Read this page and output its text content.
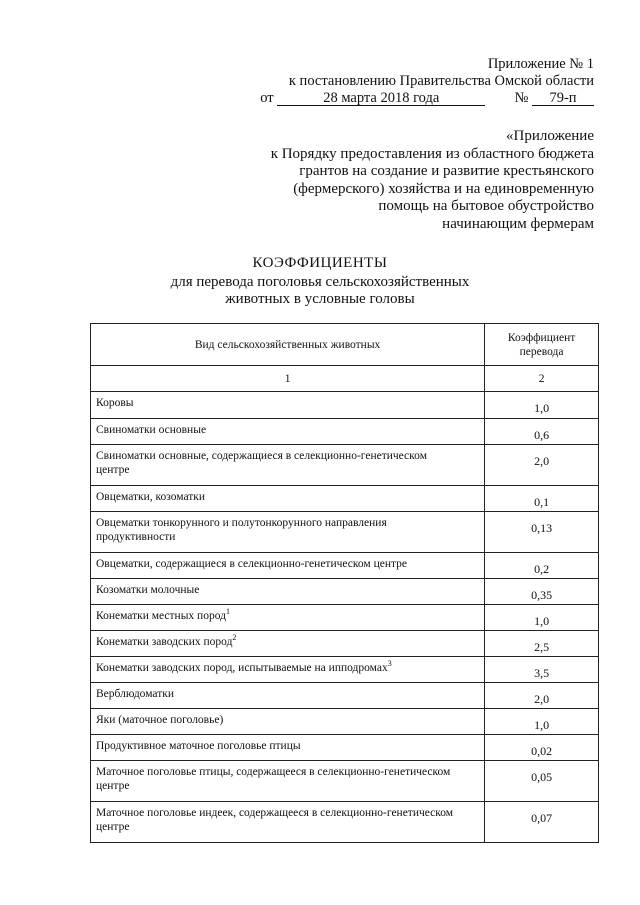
Приложение № 1
к постановлению Правительства Омской области
от	28 марта 2018 года	№ 79-п
«Приложение
к Порядку предоставления из областного бюджета
грантов на создание и развитие крестьянского
(фермерского) хозяйства и на единовременную
помощь на бытовое обустройство
начинающим фермерам
КОЭФФИЦИЕНТЫ
для перевода поголовья сельскохозяйственных
животных в условные головы
Вид сельскохозяйственных животных	Коэффициент
перевода

1	2
Коровы	1,0
Свиноматки основные	0,6
Свиноматки основные, содержащиеся в селекционно-генетическом центре	2,0
Овцематки, козоматки	0,1
Овцематки тонкорунного и полутонкорунного направления продуктивности	0,13
Овцематки, содержащиеся в селекционно-генетическом центре	0,2
Козоматки молочные	0,35
Конематки местных пород$^1$	1,0
Конематки заводских пород$^2$	2,5
Конематки заводских пород, испытываемые на ипподромах$^3$	3,5
Верблюдоматки	2,0
Яки (маточное поголовье)	1,0
Продуктивное маточное поголовье птицы	0,02
Маточное поголовье птицы, содержащееся в селекционно-генетическом центре	0,05
Маточное поголовье индеек, содержащееся в селекционно-генетическом центре	0,07
